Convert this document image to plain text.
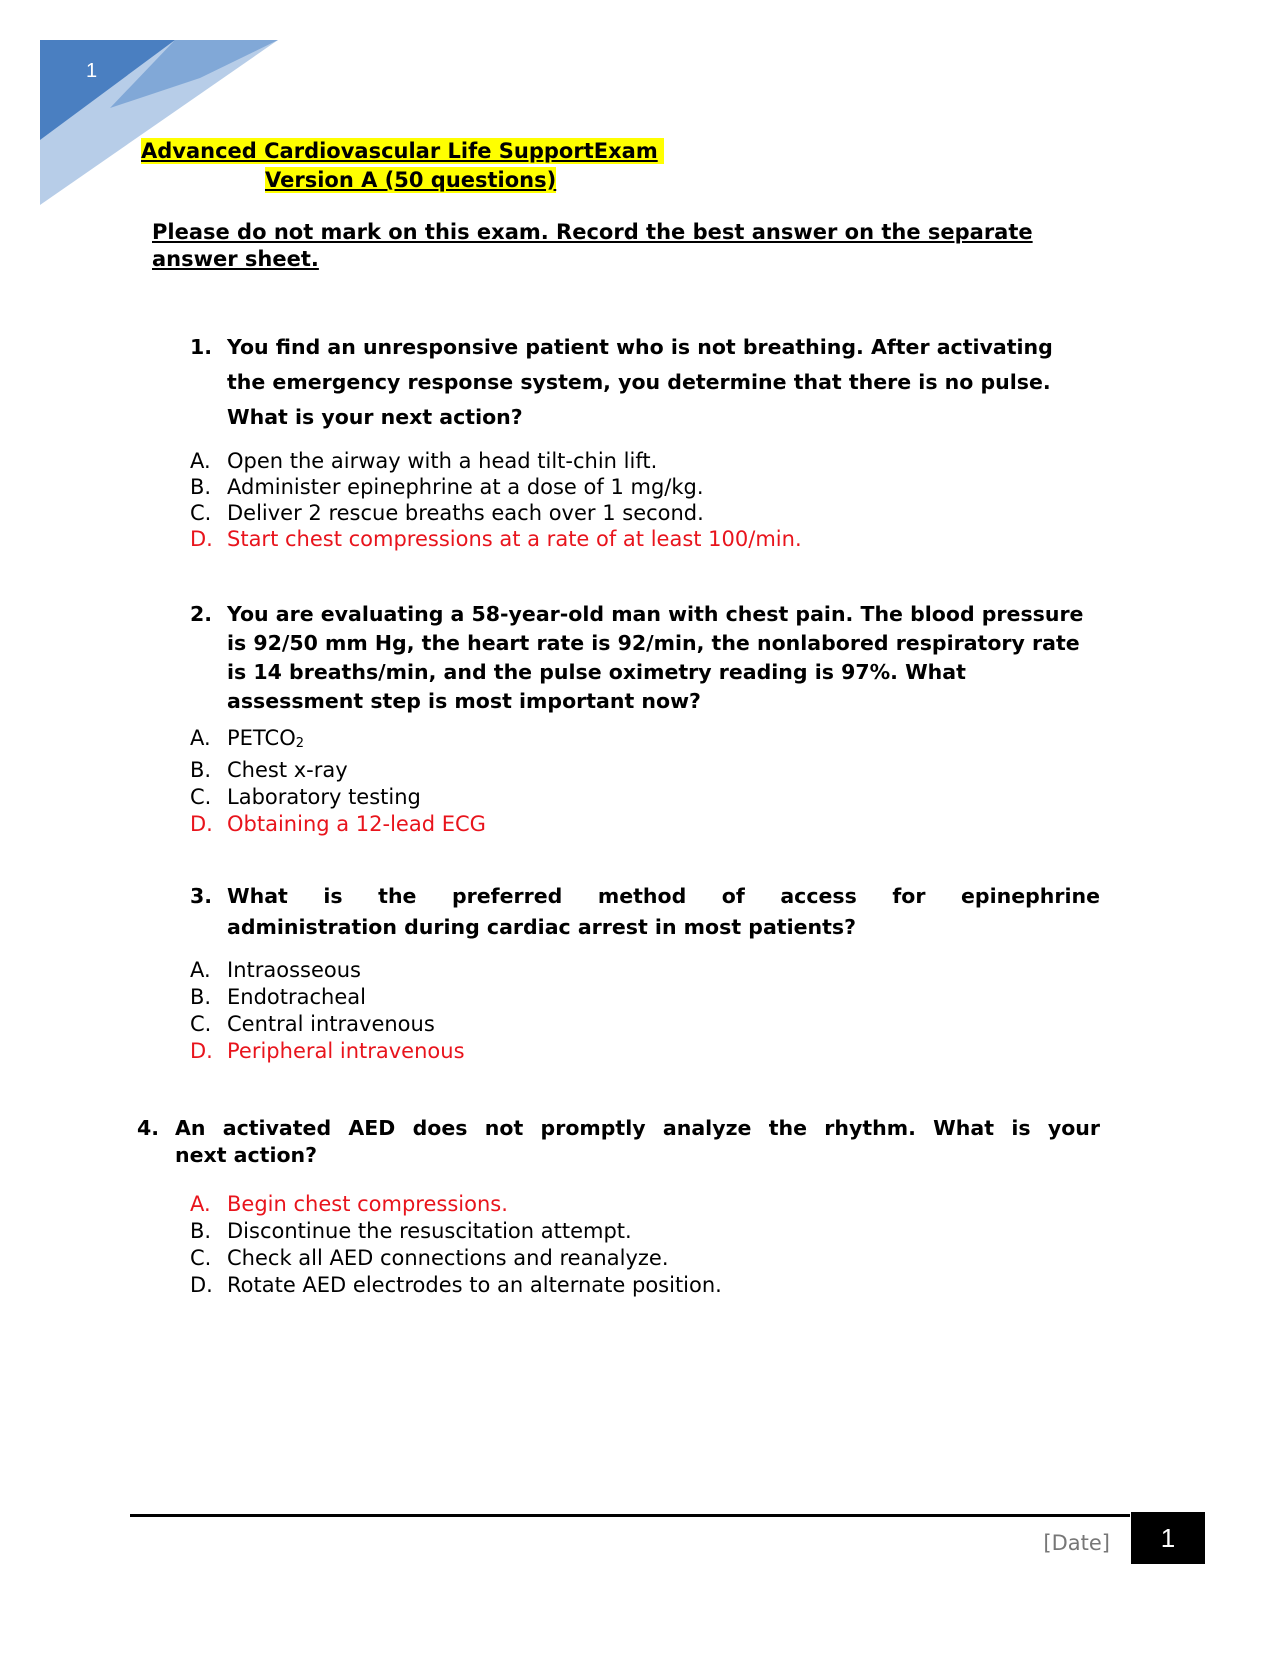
1
Advanced Cardiovascular Life SupportExam
Version A (50 questions)
Please do not mark on this exam. Record the best answer on the separate answer sheet.
1. You find an unresponsive patient who is not breathing. After activating the emergency response system, you determine that there is no pulse. What is your next action?
A. Open the airway with a head tilt-chin lift.
B. Administer epinephrine at a dose of 1 mg/kg.
C. Deliver 2 rescue breaths each over 1 second.
D. Start chest compressions at a rate of at least 100/min.
2. You are evaluating a 58-year-old man with chest pain. The blood pressure is 92/50 mm Hg, the heart rate is 92/min, the nonlabored respiratory rate is 14 breaths/min, and the pulse oximetry reading is 97%. What assessment step is most important now?
A. $PETCO_2$
B. Chest x-ray
C. Laboratory testing
D. Obtaining a 12-lead ECG
3. What is the preferred method of access for epinephrine
administration during cardiac arrest in most patients?
A. Intraosseous
B. Endotracheal
C. Central intravenous
D. Peripheral intravenous
4. An activated AED does not promptly analyze the rhythm. What is your
next action?
A. Begin chest compressions.
B. Discontinue the resuscitation attempt.
C. Check all AED connections and reanalyze.
D. Rotate AED electrodes to an alternate position.
[Date]	1
